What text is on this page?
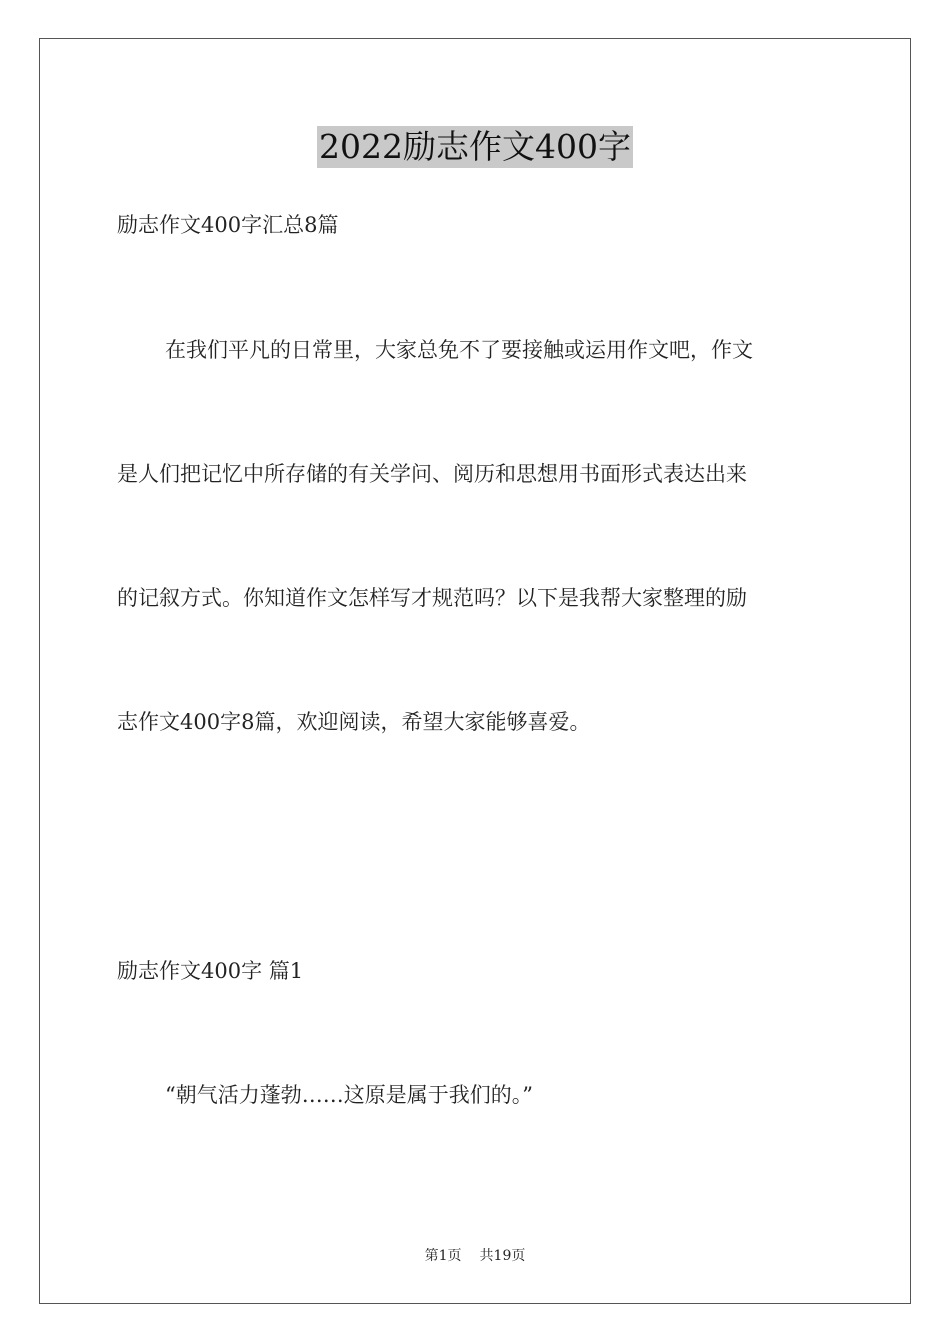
2022励志作文400字
励志作文400字汇总8篇
在我们平凡的日常里，大家总免不了要接触或运用作文吧，作文
是人们把记忆中所存储的有关学问、阅历和思想用书面形式表达出来
的记叙方式。你知道作文怎样写才规范吗？以下是我帮大家整理的励
志作文400字8篇，欢迎阅读，希望大家能够喜爱。
励志作文400字 篇1
“朝气活力蓬勃……这原是属于我们的。”
第1页 共19页
